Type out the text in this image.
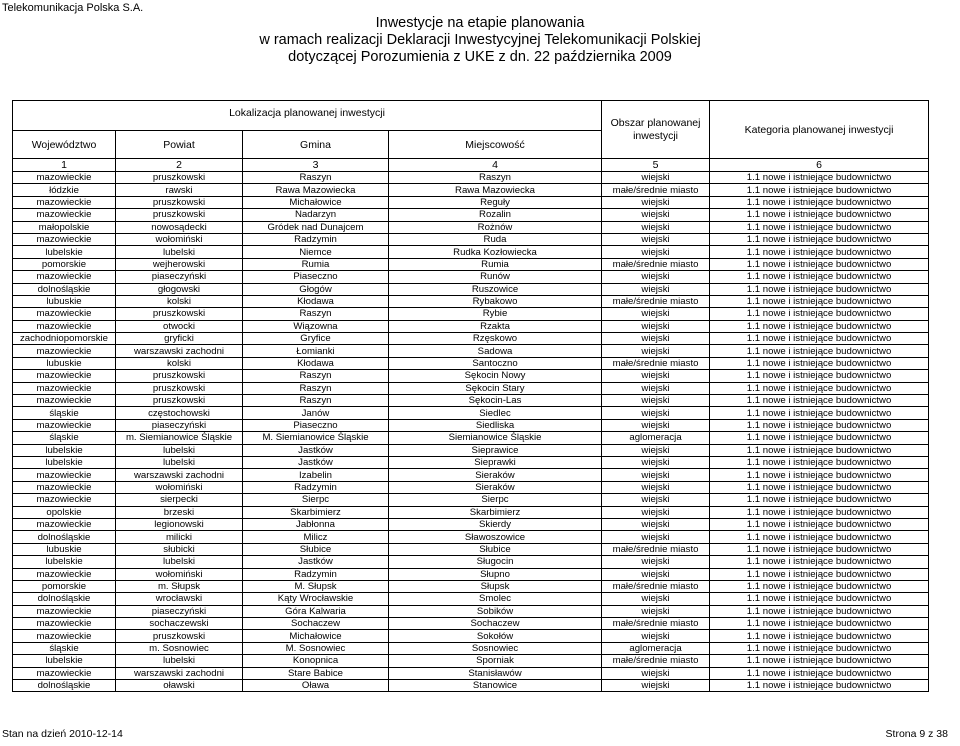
Telekomunikacja Polska S.A.
Inwestycje na etapie planowania
w ramach realizacji Deklaracji Inwestycyjnej Telekomunikacji Polskiej
dotyczącej Porozumienia z UKE z dn. 22 października 2009
Lokalizacja planowanej inwestycji				Obszar planowanej inwestycji	Kategoria planowanej inwestycji
Województwo	Powiat	Gmina	Miejscowość		
1	2	3	4	5	6
mazowieckie	pruszkowski	Raszyn	Raszyn	wiejski	1.1 nowe i istniejące budownictwo
łódzkie	rawski	Rawa Mazowiecka	Rawa Mazowiecka	małe/średnie miasto	1.1 nowe i istniejące budownictwo
mazowieckie	pruszkowski	Michałowice	Reguły	wiejski	1.1 nowe i istniejące budownictwo
mazowieckie	pruszkowski	Nadarzyn	Rozalin	wiejski	1.1 nowe i istniejące budownictwo
małopolskie	nowosądecki	Gródek nad Dunajcem	Rożnów	wiejski	1.1 nowe i istniejące budownictwo
mazowieckie	wołomiński	Radzymin	Ruda	wiejski	1.1 nowe i istniejące budownictwo
lubelskie	lubelski	Niemce	Rudka Kozłowiecka	wiejski	1.1 nowe i istniejące budownictwo
pomorskie	wejherowski	Rumia	Rumia	małe/średnie miasto	1.1 nowe i istniejące budownictwo
mazowieckie	piaseczyński	Piaseczno	Runów	wiejski	1.1 nowe i istniejące budownictwo
dolnośląskie	głogowski	Głogów	Ruszowice	wiejski	1.1 nowe i istniejące budownictwo
lubuskie	kolski	Kłodawa	Rybakowo	małe/średnie miasto	1.1 nowe i istniejące budownictwo
mazowieckie	pruszkowski	Raszyn	Rybie	wiejski	1.1 nowe i istniejące budownictwo
mazowieckie	otwocki	Wiązowna	Rzakta	wiejski	1.1 nowe i istniejące budownictwo
zachodniopomorskie	gryficki	Gryfice	Rzęskowo	wiejski	1.1 nowe i istniejące budownictwo
mazowieckie	warszawski zachodni	Łomianki	Sadowa	wiejski	1.1 nowe i istniejące budownictwo
lubuskie	kolski	Kłodawa	Santoczno	małe/średnie miasto	1.1 nowe i istniejące budownictwo
mazowieckie	pruszkowski	Raszyn	Sękocin Nowy	wiejski	1.1 nowe i istniejące budownictwo
mazowieckie	pruszkowski	Raszyn	Sękocin Stary	wiejski	1.1 nowe i istniejące budownictwo
mazowieckie	pruszkowski	Raszyn	Sękocin-Las	wiejski	1.1 nowe i istniejące budownictwo
śląskie	częstochowski	Janów	Siedlec	wiejski	1.1 nowe i istniejące budownictwo
mazowieckie	piaseczyński	Piaseczno	Siedliska	wiejski	1.1 nowe i istniejące budownictwo
śląskie	m. Siemianowice Śląskie	M. Siemianowice Śląskie	Siemianowice Śląskie	aglomeracja	1.1 nowe i istniejące budownictwo
lubelskie	lubelski	Jastków	Sieprawice	wiejski	1.1 nowe i istniejące budownictwo
lubelskie	lubelski	Jastków	Sieprawki	wiejski	1.1 nowe i istniejące budownictwo
mazowieckie	warszawski zachodni	Izabelin	Sieraków	wiejski	1.1 nowe i istniejące budownictwo
mazowieckie	wołomiński	Radzymin	Sieraków	wiejski	1.1 nowe i istniejące budownictwo
mazowieckie	sierpecki	Sierpc	Sierpc	wiejski	1.1 nowe i istniejące budownictwo
opolskie	brzeski	Skarbimierz	Skarbimierz	wiejski	1.1 nowe i istniejące budownictwo
mazowieckie	legionowski	Jabłonna	Skierdy	wiejski	1.1 nowe i istniejące budownictwo
dolnośląskie	milicki	Milicz	Sławoszowice	wiejski	1.1 nowe i istniejące budownictwo
lubuskie	słubicki	Słubice	Słubice	małe/średnie miasto	1.1 nowe i istniejące budownictwo
lubelskie	lubelski	Jastków	Sługocin	wiejski	1.1 nowe i istniejące budownictwo
mazowieckie	wołomiński	Radzymin	Słupno	wiejski	1.1 nowe i istniejące budownictwo
pomorskie	m. Słupsk	M. Słupsk	Słupsk	małe/średnie miasto	1.1 nowe i istniejące budownictwo
dolnośląskie	wrocławski	Kąty Wrocławskie	Smolec	wiejski	1.1 nowe i istniejące budownictwo
mazowieckie	piaseczyński	Góra Kalwaria	Sobików	wiejski	1.1 nowe i istniejące budownictwo
mazowieckie	sochaczewski	Sochaczew	Sochaczew	małe/średnie miasto	1.1 nowe i istniejące budownictwo
mazowieckie	pruszkowski	Michałowice	Sokołów	wiejski	1.1 nowe i istniejące budownictwo
śląskie	m. Sosnowiec	M. Sosnowiec	Sosnowiec	aglomeracja	1.1 nowe i istniejące budownictwo
lubelskie	lubelski	Konopnica	Sporniak	małe/średnie miasto	1.1 nowe i istniejące budownictwo
mazowieckie	warszawski zachodni	Stare Babice	Stanisławów	wiejski	1.1 nowe i istniejące budownictwo
dolnośląskie	oławski	Oława	Stanowice	wiejski	1.1 nowe i istniejące budownictwo
Stan na dzień 2010-12-14	Strona 9 z 38
